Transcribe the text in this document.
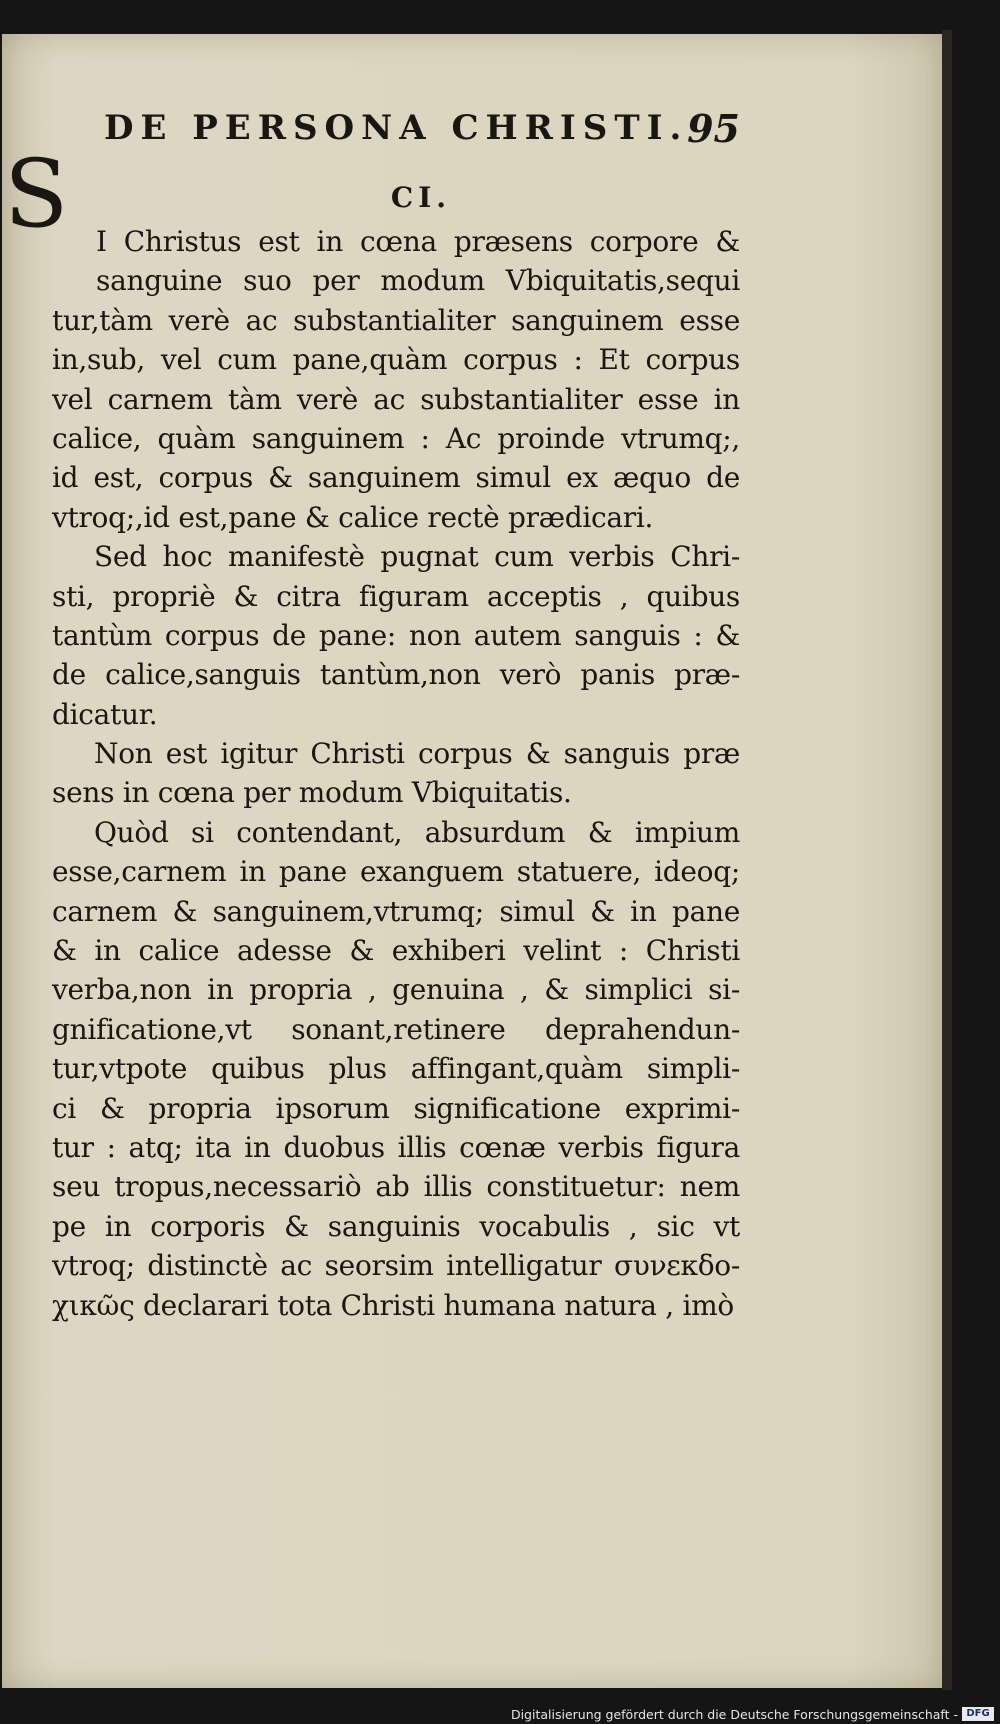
S
DE PERSONA CHRISTI.
95
CI.
I Christus est in cœna præsens corpore &
sanguine suo per modum Vbiquitatis,sequi
tur,tàm verè ac substantialiter sanguinem esse
in,sub, vel cum pane,quàm corpus : Et corpus
vel carnem tàm verè ac substantialiter esse in
calice, quàm sanguinem : Ac proinde vtrumq;,
id est, corpus & sanguinem simul ex æquo de
vtroq;,id est,pane & calice rectè prædicari.
Sed hoc manifestè pugnat cum verbis Chri-
sti, propriè & citra figuram acceptis , quibus
tantùm corpus de pane: non autem sanguis : &
de calice,sanguis tantùm,non verò panis præ-
dicatur.
Non est igitur Christi corpus & sanguis præ
sens in cœna per modum Vbiquitatis.
Quòd si contendant, absurdum & impium
esse,carnem in pane exanguem statuere, ideoq;
carnem & sanguinem,vtrumq; simul & in pane
& in calice adesse & exhiberi velint : Christi
verba,non in propria , genuina , & simplici si-
gnificatione,vt sonant,retinere deprahendun-
tur,vtpote quibus plus affingant,quàm simpli-
ci & propria ipsorum significatione exprimi-
tur : atq; ita in duobus illis cœnæ verbis figura
seu tropus,necessariò ab illis constituetur: nem
pe in corporis & sanguinis vocabulis , sic vt
vtroq; distinctè ac seorsim intelligatur συνεκδο-
χικῶς declarari tota Christi humana natura , imò
Digitalisierung gefördert durch die Deutsche Forschungsgemeinschaft - DFG
